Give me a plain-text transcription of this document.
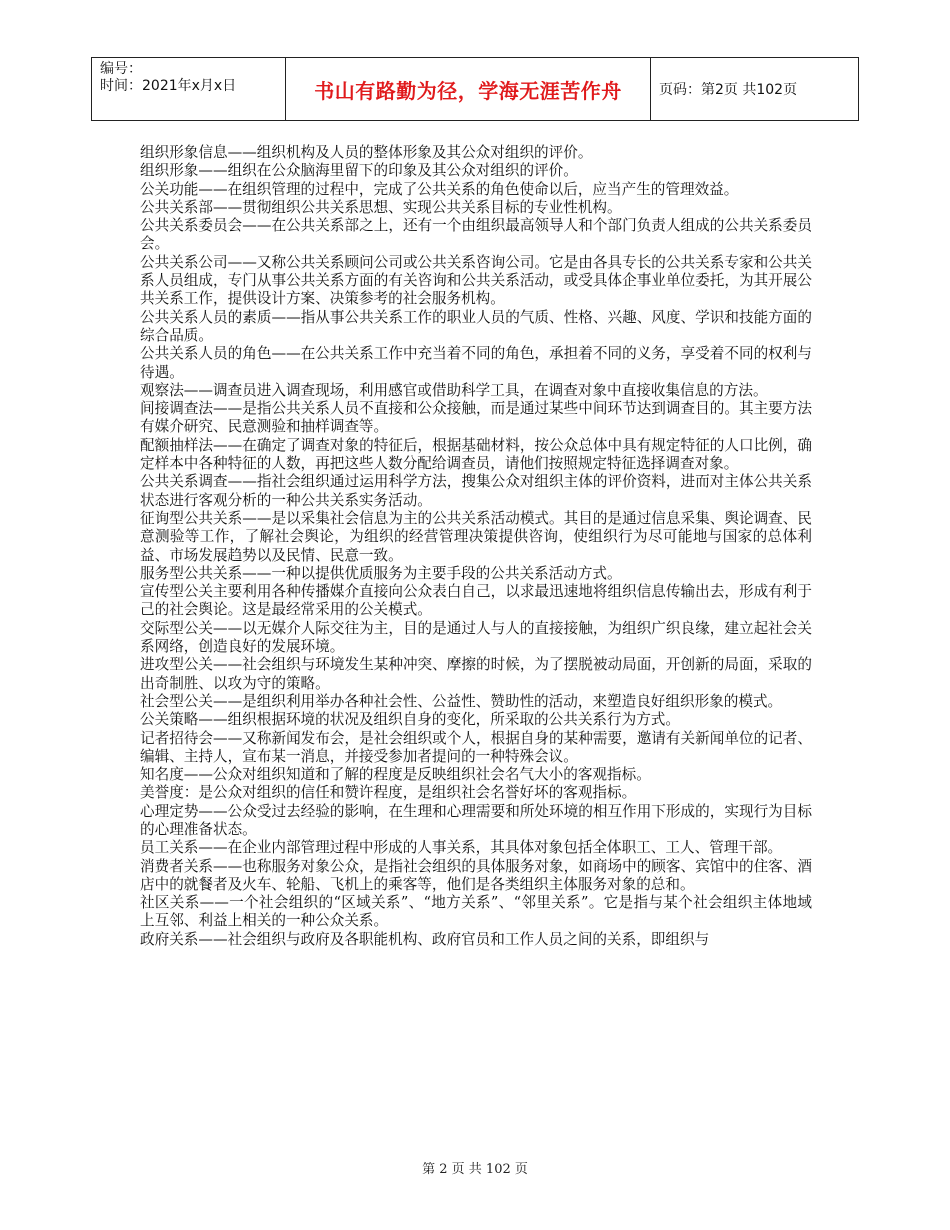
编号：
时间：2021年x月x日	书山有路勤为径，学海无涯苦作舟	页码：第2页 共102页

组织形象信息——组织机构及人员的整体形象及其公众对组织的评价。

组织形象——组织在公众脑海里留下的印象及其公众对组织的评价。

公关功能——在组织管理的过程中，完成了公共关系的角色使命以后，应当产生的管理效益。

公共关系部——贯彻组织公共关系思想、实现公共关系目标的专业性机构。

公共关系委员会——在公共关系部之上，还有一个由组织最高领导人和个部门负责人组成的公共关系委员会。

公共关系公司——又称公共关系顾问公司或公共关系咨询公司。它是由各具专长的公共关系专家和公共关系人员组成，专门从事公共关系方面的有关咨询和公共关系活动，或受具体企事业单位委托，为其开展公共关系工作，提供设计方案、决策参考的社会服务机构。

公共关系人员的素质——指从事公共关系工作的职业人员的气质、性格、兴趣、风度、学识和技能方面的综合品质。

公共关系人员的角色——在公共关系工作中充当着不同的角色，承担着不同的义务，享受着不同的权利与待遇。

观察法——调查员进入调查现场，利用感官或借助科学工具，在调查对象中直接收集信息的方法。

间接调查法——是指公共关系人员不直接和公众接触，而是通过某些中间环节达到调查目的。其主要方法有媒介研究、民意测验和抽样调查等。

配额抽样法——在确定了调查对象的特征后，根据基础材料，按公众总体中具有规定特征的人口比例，确定样本中各种特征的人数，再把这些人数分配给调查员，请他们按照规定特征选择调查对象。

公共关系调查——指社会组织通过运用科学方法，搜集公众对组织主体的评价资料，进而对主体公共关系状态进行客观分析的一种公共关系实务活动。

征询型公共关系——是以采集社会信息为主的公共关系活动模式。其目的是通过信息采集、舆论调查、民意测验等工作，了解社会舆论，为组织的经营管理决策提供咨询，使组织行为尽可能地与国家的总体利益、市场发展趋势以及民情、民意一致。

服务型公共关系——一种以提供优质服务为主要手段的公共关系活动方式。

宣传型公关主要利用各种传播媒介直接向公众表白自己，以求最迅速地将组织信息传输出去，形成有利于己的社会舆论。这是最经常采用的公关模式。

交际型公关——以无媒介人际交往为主，目的是通过人与人的直接接触，为组织广织良缘，建立起社会关系网络，创造良好的发展环境。

进攻型公关——社会组织与环境发生某种冲突、摩擦的时候，为了摆脱被动局面，开创新的局面，采取的出奇制胜、以攻为守的策略。

社会型公关——是组织利用举办各种社会性、公益性、赞助性的活动，来塑造良好组织形象的模式。

公关策略——组织根据环境的状况及组织自身的变化，所采取的公共关系行为方式。

记者招待会——又称新闻发布会，是社会组织或个人，根据自身的某种需要，邀请有关新闻单位的记者、编辑、主持人，宣布某一消息，并接受参加者提问的一种特殊会议。

知名度——公众对组织知道和了解的程度是反映组织社会名气大小的客观指标。

美誉度：是公众对组织的信任和赞许程度，是组织社会名誉好坏的客观指标。

心理定势——公众受过去经验的影响，在生理和心理需要和所处环境的相互作用下形成的，实现行为目标的心理准备状态。

员工关系——在企业内部管理过程中形成的人事关系，其具体对象包括全体职工、工人、管理干部。

消费者关系——也称服务对象公众，是指社会组织的具体服务对象，如商场中的顾客、宾馆中的住客、酒店中的就餐者及火车、轮船、飞机上的乘客等，他们是各类组织主体服务对象的总和。

社区关系——一个社会组织的“区域关系”、“地方关系”、“邻里关系”。它是指与某个社会组织主体地域上互邻、利益上相关的一种公众关系。

政府关系——社会组织与政府及各职能机构、政府官员和工作人员之间的关系，即组织与

第 2 页 共 102 页
